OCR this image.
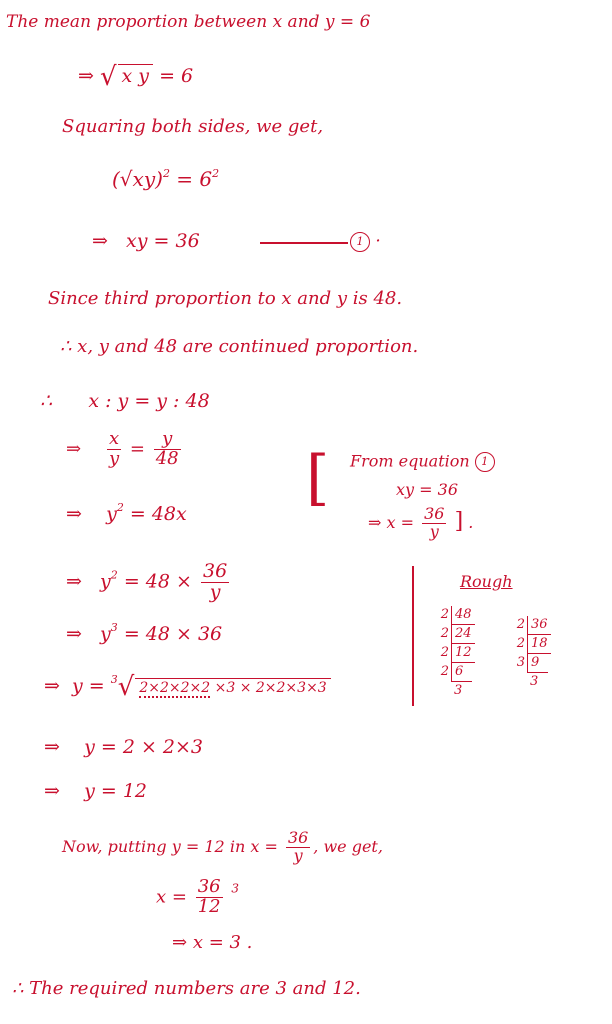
The mean proportion between x and y = 6
⇒ √ x y = 6
Squaring both sides, we get,
$(√xy)^2 = 6^2$
⇒ xy = 36	1 ·
Since third proportion to x and y is 48.
∴ x, y and 48 are continued proportion.
∴ x : y = y : 48
⇒ $\frac{x}{y} = \frac{y}{48}$
⇒ $y^2 = 48x$
[ From equation 1
xy = 36
⇒ $x = \frac{36}{y}$ ] .
⇒ $y^2 = 48 \times \frac{36}{y}$
⇒ $y^3 = 48 \times 36$
⇒ y = $^3$√ 2×2×2×2 ×3 × 2×2×3×3
⇒ y = 2 × 2×3
⇒ y = 12
Now, putting y = 12 in $x = \frac{36}{y}$ , we get,
$x = \frac{36}{12} ^3$
⇒ x = 3 .
∴ The required numbers are 3 and 12.
Rough
2 48
2 24
2 12
2 6
3
2 36
2 18
3 9
3
